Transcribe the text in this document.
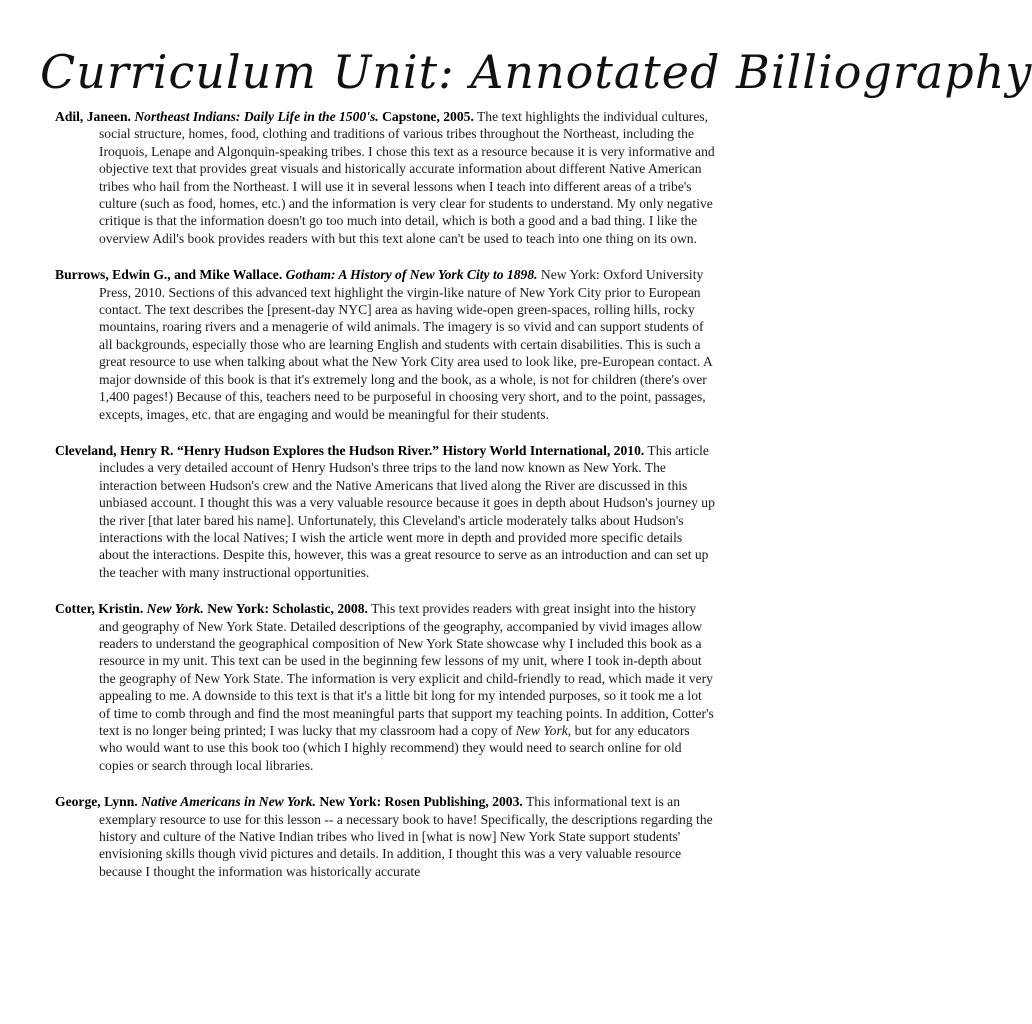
Curriculum Unit: Annotated Billiography

Adil, Janeen. Northeast Indians: Daily Life in the 1500's. Capstone, 2005. The text highlights the individual cultures, social structure, homes, food, clothing and traditions of various tribes throughout the Northeast, including the Iroquois, Lenape and Algonquin-speaking tribes. I chose this text as a resource because it is very informative and objective text that provides great visuals and historically accurate information about different Native American tribes who hail from the Northeast. I will use it in several lessons when I teach into different areas of a tribe's culture (such as food, homes, etc.) and the information is very clear for students to understand. My only negative critique is that the information doesn't go too much into detail, which is both a good and a bad thing. I like the overview Adil's book provides readers with but this text alone can't be used to teach into one thing on its own.

Burrows, Edwin G., and Mike Wallace. Gotham: A History of New York City to 1898. New York: Oxford University Press, 2010. Sections of this advanced text highlight the virgin-like nature of New York City prior to European contact. The text describes the [present-day NYC] area as having wide-open green-spaces, rolling hills, rocky mountains, roaring rivers and a menagerie of wild animals. The imagery is so vivid and can support students of all backgrounds, especially those who are learning English and students with certain disabilities. This is such a great resource to use when talking about what the New York City area used to look like, pre-European contact. A major downside of this book is that it's extremely long and the book, as a whole, is not for children (there's over 1,400 pages!) Because of this, teachers need to be purposeful in choosing very short, and to the point, passages, excepts, images, etc. that are engaging and would be meaningful for their students.

Cleveland, Henry R. “Henry Hudson Explores the Hudson River.” History World International, 2010. This article includes a very detailed account of Henry Hudson's three trips to the land now known as New York. The interaction between Hudson's crew and the Native Americans that lived along the River are discussed in this unbiased account. I thought this was a very valuable resource because it goes in depth about Hudson's journey up the river [that later bared his name]. Unfortunately, this Cleveland's article moderately talks about Hudson's interactions with the local Natives; I wish the article went more in depth and provided more specific details about the interactions. Despite this, however, this was a great resource to serve as an introduction and can set up the teacher with many instructional opportunities.

Cotter, Kristin. New York. New York: Scholastic, 2008. This text provides readers with great insight into the history and geography of New York State. Detailed descriptions of the geography, accompanied by vivid images allow readers to understand the geographical composition of New York State showcase why I included this book as a resource in my unit. This text can be used in the beginning few lessons of my unit, where I took in-depth about the geography of New York State. The information is very explicit and child-friendly to read, which made it very appealing to me. A downside to this text is that it's a little bit long for my intended purposes, so it took me a lot of time to comb through and find the most meaningful parts that support my teaching points. In addition, Cotter's text is no longer being printed; I was lucky that my classroom had a copy of New York, but for any educators who would want to use this book too (which I highly recommend) they would need to search online for old copies or search through local libraries.

George, Lynn. Native Americans in New York. New York: Rosen Publishing, 2003. This informational text is an exemplary resource to use for this lesson -- a necessary book to have! Specifically, the descriptions regarding the history and culture of the Native Indian tribes who lived in [what is now] New York State support students' envisioning skills though vivid pictures and details. In addition, I thought this was a very valuable resource because I thought the information was historically accurate
